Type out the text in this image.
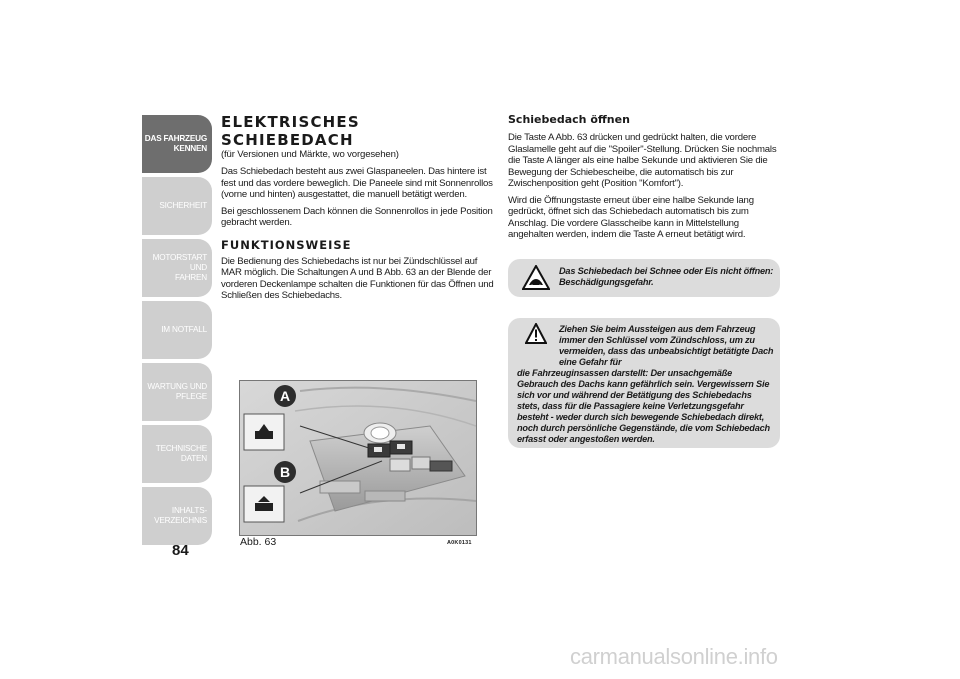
DAS FAHRZEUG
KENNEN
SICHERHEIT
MOTORSTART UND
FAHREN
IM NOTFALL
WARTUNG UND
PFLEGE
TECHNISCHE DATEN
INHALTS-
VERZEICHNIS
84
ELEKTRISCHES SCHIEBEDACH
(für Versionen und Märkte, wo vorgesehen)

Das Schiebedach besteht aus zwei Glaspaneelen. Das hintere ist fest und das vordere beweglich. Die Paneele sind mit Sonnenrollos (vorne und hinten) ausgestattet, die manuell betätigt werden.

Bei geschlossenem Dach können die Sonnenrollos in jede Position gebracht werden.

FUNKTIONSWEISE

Die Bedienung des Schiebedachs ist nur bei Zündschlüssel auf MAR möglich. Die Schaltungen A und B Abb. 63 an der Blende der vorderen Deckenlampe schalten die Funktionen für das Öffnen und Schließen des Schiebedachs.

A
B
Abb. 63	A0K0131
Schiebedach öffnen

Die Taste A Abb. 63 drücken und gedrückt halten, die vordere Glaslamelle geht auf die "Spoiler"-Stellung. Drücken Sie nochmals die Taste A länger als eine halbe Sekunde und aktivieren Sie die Bewegung der Schiebescheibe, die automatisch bis zur Zwischenposition geht (Position "Komfort").

Wird die Öffnungstaste erneut über eine halbe Sekunde lang gedrückt, öffnet sich das Schiebedach automatisch bis zum Anschlag. Die vordere Glasscheibe kann in Mittelstellung angehalten werden, indem die Taste A erneut betätigt wird.

Das Schiebedach bei Schnee oder Eis nicht öffnen: Beschädigungsgefahr.
Ziehen Sie beim Aussteigen aus dem Fahrzeug immer den Schlüssel vom Zündschloss, um zu vermeiden, dass das unbeabsichtigt betätigte Dach eine Gefahr für
die Fahrzeuginsassen darstellt: Der unsachgemäße Gebrauch des Dachs kann gefährlich sein. Vergewissern Sie sich vor und während der Betätigung des Schiebedachs stets, dass für die Passagiere keine Verletzungsgefahr besteht - weder durch sich bewegende Schiebedach direkt, noch durch persönliche Gegenstände, die vom Schiebedach erfasst oder angestoßen werden.
carmanualsonline.info
